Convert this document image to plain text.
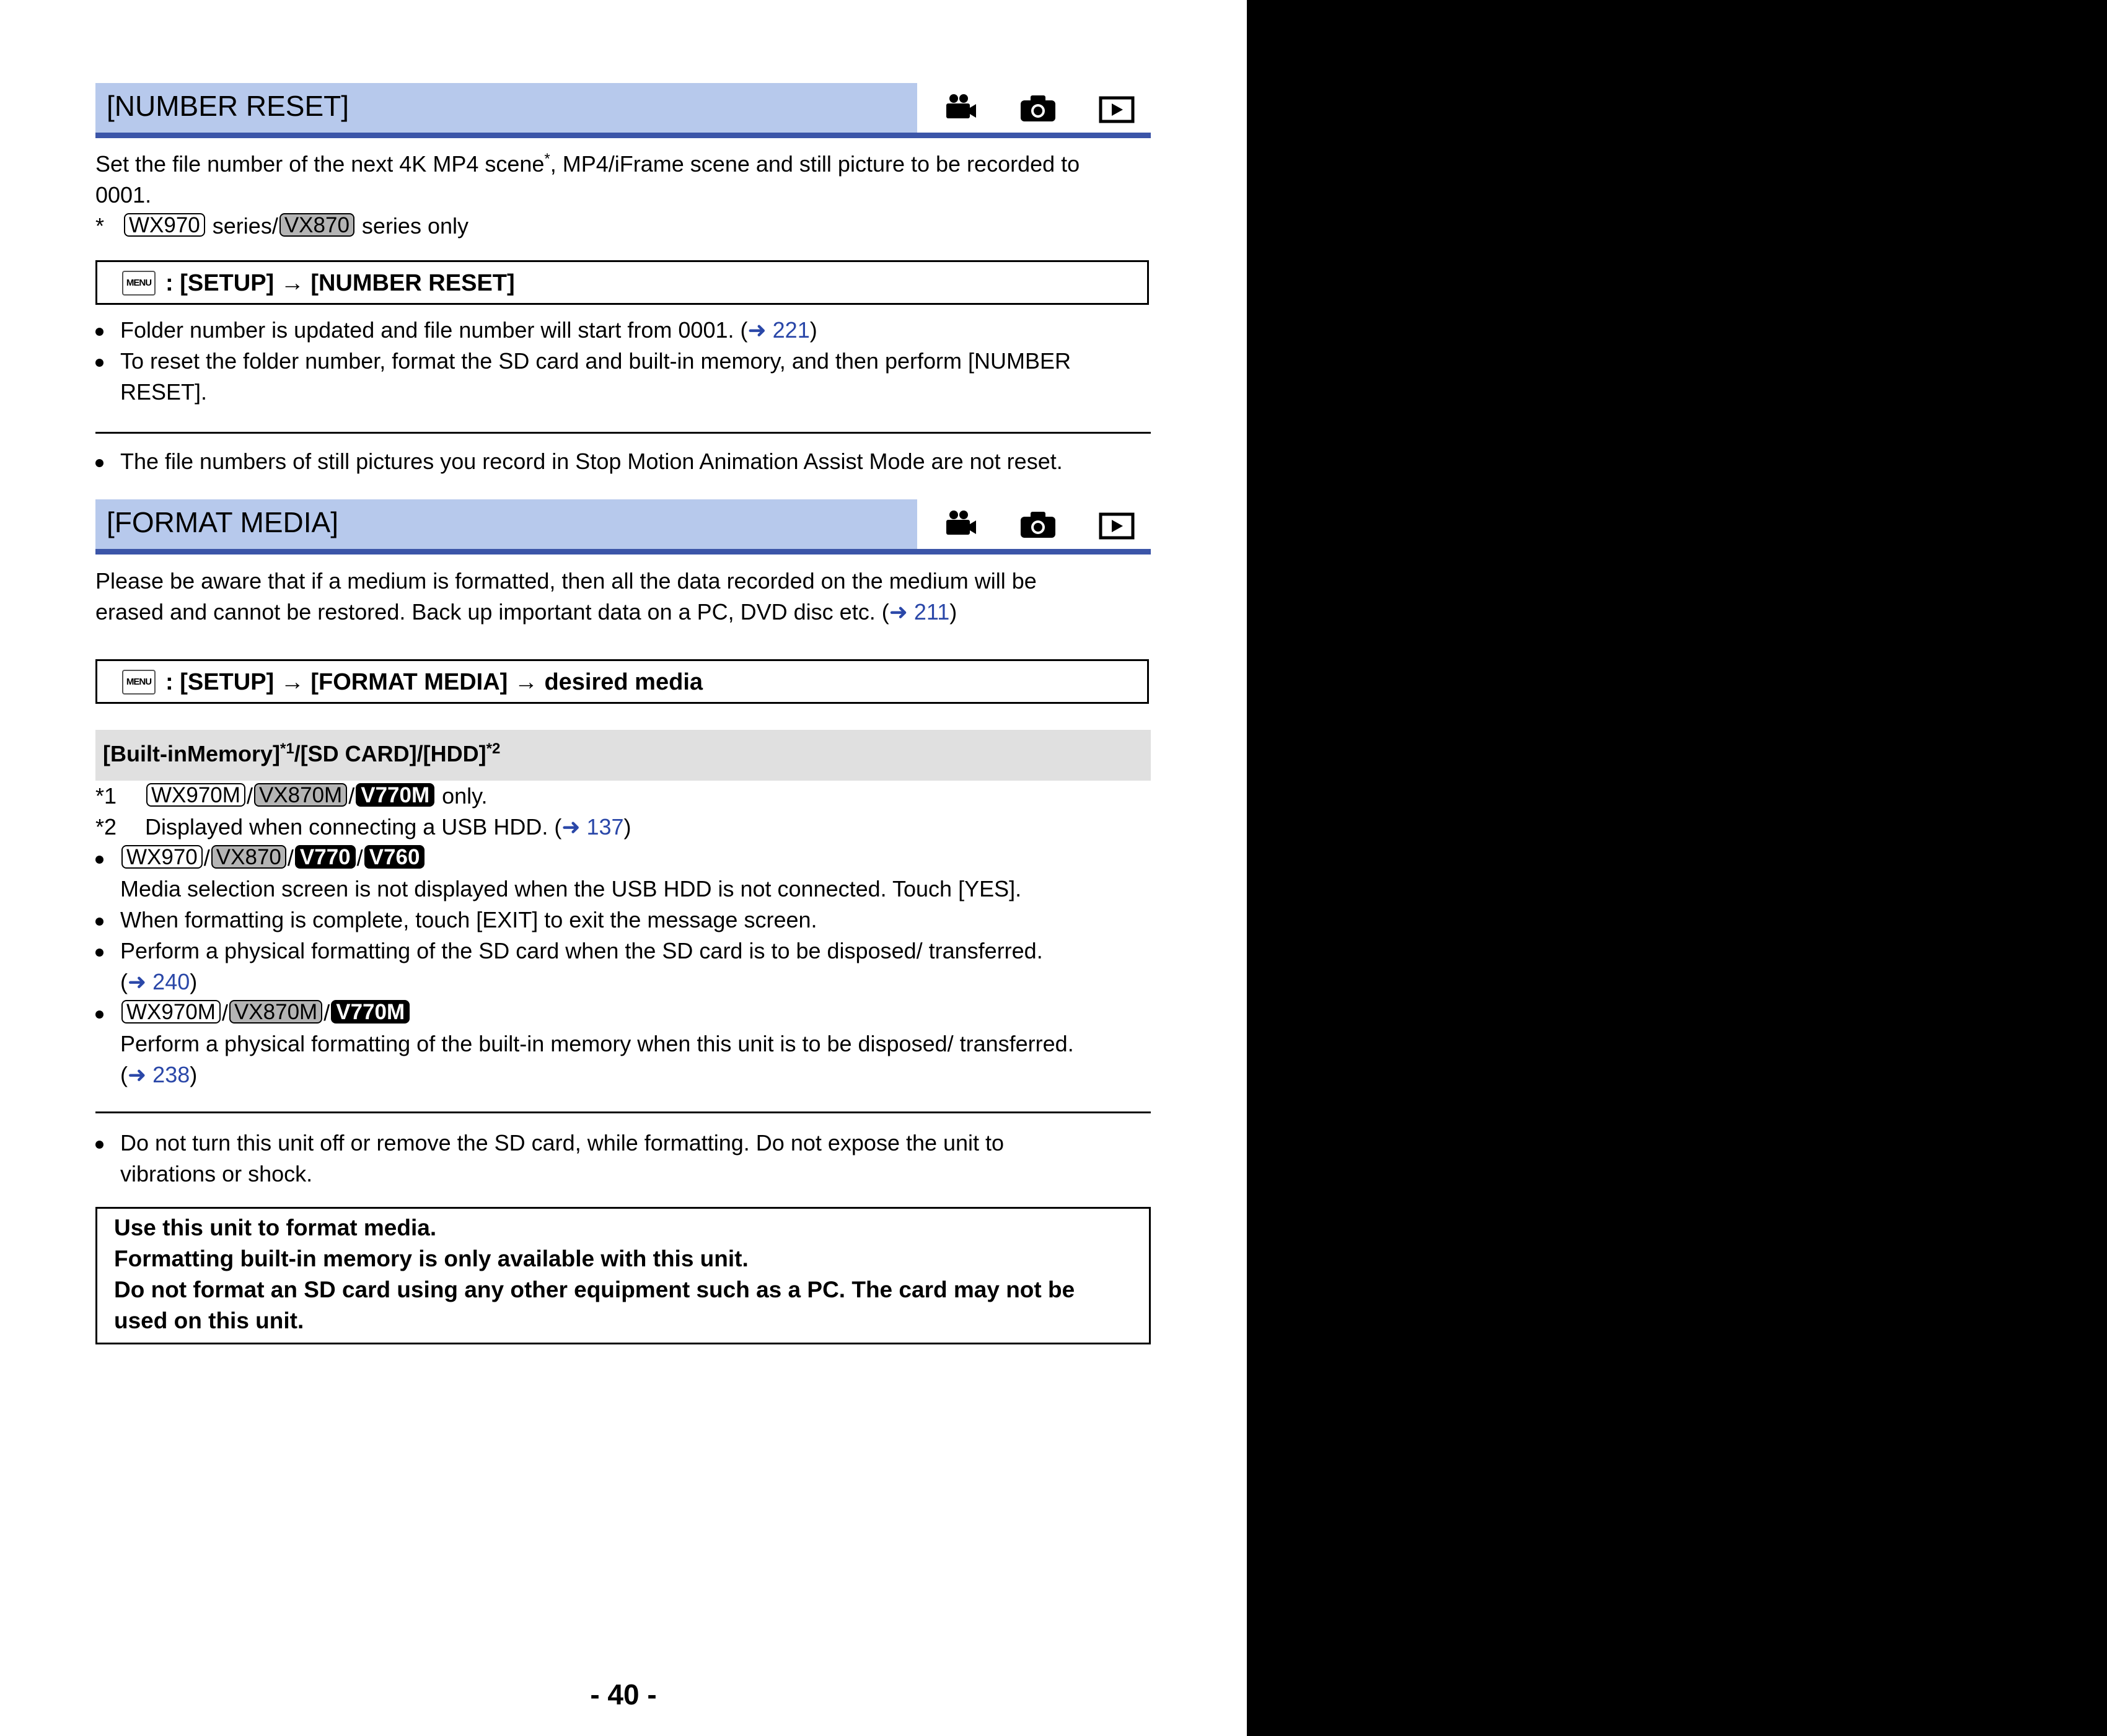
[NUMBER RESET]
Set the file number of the next 4K MP4 scene*, MP4/iFrame scene and still picture to be recorded to
0001.
* WX970 series/ VX870 series only
MENU : [SETUP] → [NUMBER RESET]
Folder number is updated and file number will start from 0001. (➜ 221)
To reset the folder number, format the SD card and built-in memory, and then perform [NUMBER
RESET].
The file numbers of still pictures you record in Stop Motion Animation Assist Mode are not reset.
[FORMAT MEDIA]
Please be aware that if a medium is formatted, then all the data recorded on the medium will be
erased and cannot be restored. Back up important data on a PC, DVD disc etc. (➜ 211)
MENU : [SETUP] → [FORMAT MEDIA] → desired media
[Built-inMemory]$^{*1}$/[SD CARD]/[HDD]$^{*2}$
*1 WX970M / VX870M / V770M only.
*2 Displayed when connecting a USB HDD. (➜ 137)
WX970 / VX870 / V770 / V760
Media selection screen is not displayed when the USB HDD is not connected. Touch [YES].
When formatting is complete, touch [EXIT] to exit the message screen.
Perform a physical formatting of the SD card when the SD card is to be disposed/ transferred.
(➜ 240)
WX970M / VX870M / V770M
Perform a physical formatting of the built-in memory when this unit is to be disposed/ transferred.
(➜ 238)
Do not turn this unit off or remove the SD card, while formatting. Do not expose the unit to
vibrations or shock.
Use this unit to format media.
Formatting built-in memory is only available with this unit.
Do not format an SD card using any other equipment such as a PC. The card may not be
used on this unit.
- 40 -
